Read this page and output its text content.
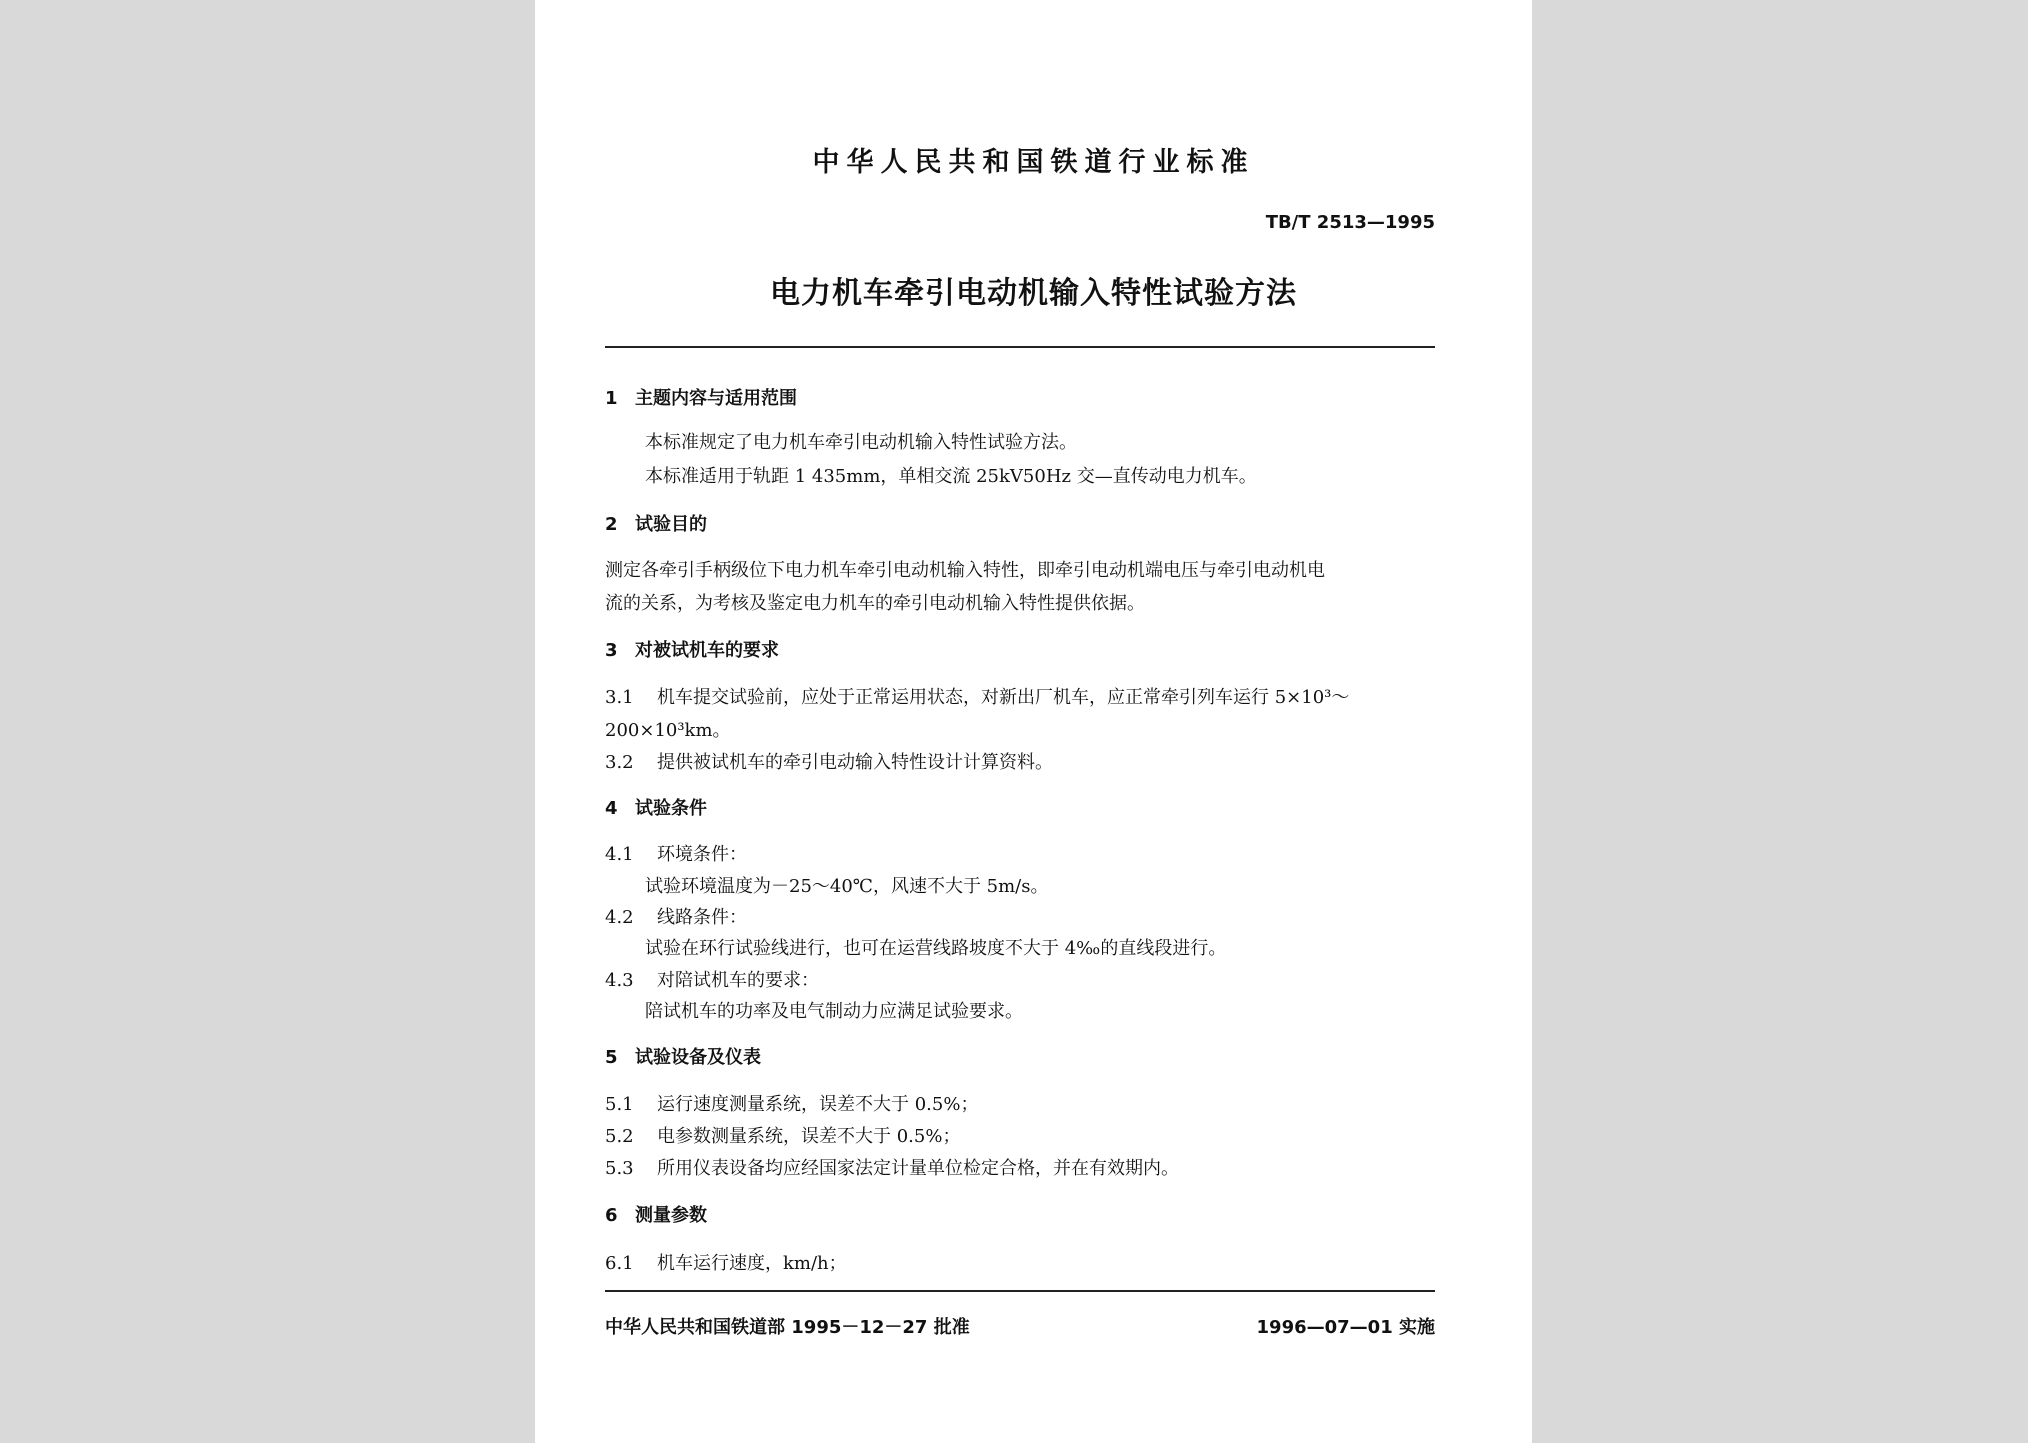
中华人民共和国铁道行业标准
TB/T 2513—1995
电力机车牵引电动机输入特性试验方法
1 主题内容与适用范围
本标准规定了电力机车牵引电动机输入特性试验方法。
本标准适用于轨距 1 435mm，单相交流 25kV50Hz 交—直传动电力机车。
2 试验目的
测定各牵引手柄级位下电力机车牵引电动机输入特性，即牵引电动机端电压与牵引电动机电
流的关系，为考核及鉴定电力机车的牵引电动机输入特性提供依据。
3 对被试机车的要求
3.1 机车提交试验前，应处于正常运用状态，对新出厂机车，应正常牵引列车运行 5×10³～
200×10³km。
3.2 提供被试机车的牵引电动输入特性设计计算资料。
4 试验条件
4.1 环境条件：
试验环境温度为－25～40℃，风速不大于 5m/s。
4.2 线路条件：
试验在环行试验线进行，也可在运营线路坡度不大于 4‰的直线段进行。
4.3 对陪试机车的要求：
陪试机车的功率及电气制动力应满足试验要求。
5 试验设备及仪表
5.1 运行速度测量系统，误差不大于 0.5%；
5.2 电参数测量系统，误差不大于 0.5%；
5.3 所用仪表设备均应经国家法定计量单位检定合格，并在有效期内。
6 测量参数
6.1 机车运行速度，km/h；
中华人民共和国铁道部 1995－12－27 批准	1996—07—01 实施
